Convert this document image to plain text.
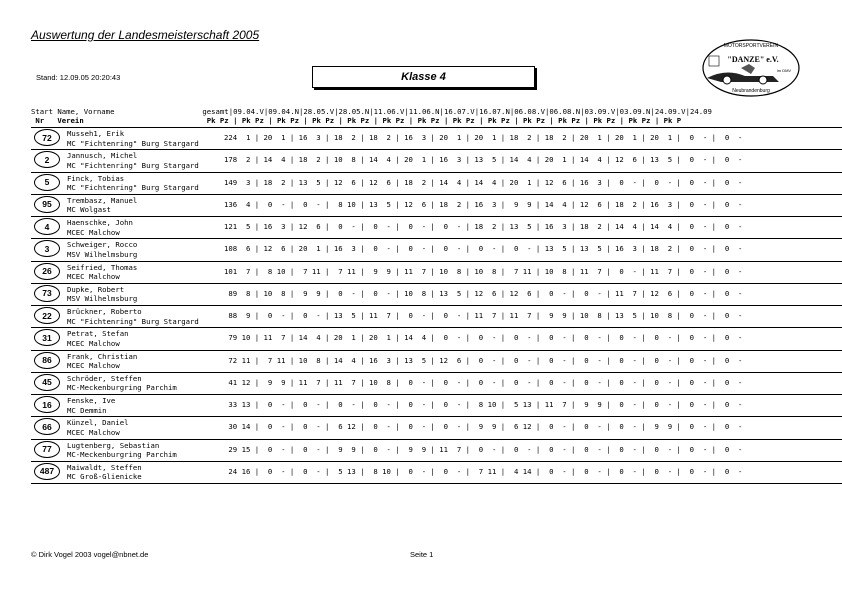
Auswertung der Landesmeisterschaft 2005
Stand: 12.09.05 20:20:43	Klasse 4
MOTORSPORTVEREIN
"DANZE" e.V.
im DMV
Neubrandenburg
Start Name, Vorname                    gesamt|09.04.V|09.04.N|28.05.V|28.05.N|11.06.V|11.06.N|16.07.V|16.07.N|06.08.V|06.08.N|03.09.V|03.09.N|24.09.V|24.09
Nr   Verein                            Pk Pz | Pk Pz | Pk Pz | Pk Pz | Pk Pz | Pk Pz | Pk Pz | Pk Pz | Pk Pz | Pk Pz | Pk Pz | Pk Pz | Pk Pz | Pk P
72	Musseh1, Erik
MC "Fichtenring" Burg Stargard
224  1 | 20  1 | 16  3 | 18  2 | 18  2 | 16  3 | 20  1 | 20  1 | 18  2 | 18  2 | 20  1 | 20  1 | 20  1 |  0  - |  0  -
2	Jannusch, Michel
MC "Fichtenring" Burg Stargard
178  2 | 14  4 | 18  2 | 10  8 | 14  4 | 20  1 | 16  3 | 13  5 | 14  4 | 20  1 | 14  4 | 12  6 | 13  5 |  0  - |  0  -
5	Finck, Tobias
MC "Fichtenring" Burg Stargard
149  3 | 18  2 | 13  5 | 12  6 | 12  6 | 18  2 | 14  4 | 14  4 | 20  1 | 12  6 | 16  3 |  0  - |  0  - |  0  - |  0  -
95	Trembasz, Manuel
MC Wolgast
136  4 |  0  - |  0  - |  8 10 | 13  5 | 12  6 | 18  2 | 16  3 |  9  9 | 14  4 | 12  6 | 18  2 | 16  3 |  0  - |  0  -
4	Haenschke, John
MCEC Malchow
121  5 | 16  3 | 12  6 |  0  - |  0  - |  0  - |  0  - | 18  2 | 13  5 | 16  3 | 18  2 | 14  4 | 14  4 |  0  - |  0  -
3	Schweiger, Rocco
MSV Wilhelmsburg
108  6 | 12  6 | 20  1 | 16  3 |  0  - |  0  - |  0  - |  0  - |  0  - | 13  5 | 13  5 | 16  3 | 18  2 |  0  - |  0  -
26	Seifried, Thomas
MCEC Malchow
101  7 |  8 10 |  7 11 |  7 11 |  9  9 | 11  7 | 10  8 | 10  8 |  7 11 | 10  8 | 11  7 |  0  - | 11  7 |  0  - |  0  -
73	Dupke, Robert
MSV Wilhelmsburg
89  8 | 10  8 |  9  9 |  0  - |  0  - | 10  8 | 13  5 | 12  6 | 12  6 |  0  - |  0  - | 11  7 | 12  6 |  0  - |  0  -
22	Brückner, Roberto
MC "Fichtenring" Burg Stargard
88  9 |  0  - |  0  - | 13  5 | 11  7 |  0  - |  0  - | 11  7 | 11  7 |  9  9 | 10  8 | 13  5 | 10  8 |  0  - |  0  -
31	Petrat, Stefan
MCEC Malchow
79 10 | 11  7 | 14  4 | 20  1 | 20  1 | 14  4 |  0  - |  0  - |  0  - |  0  - |  0  - |  0  - |  0  - |  0  - |  0  -
86	Frank, Christian
MCEC Malchow
72 11 |  7 11 | 10  8 | 14  4 | 16  3 | 13  5 | 12  6 |  0  - |  0  - |  0  - |  0  - |  0  - |  0  - |  0  - |  0  -
45	Schröder, Steffen
MC-Meckenburgring Parchim
41 12 |  9  9 | 11  7 | 11  7 | 10  8 |  0  - |  0  - |  0  - |  0  - |  0  - |  0  - |  0  - |  0  - |  0  - |  0  -
16	Fenske, Ive
MC Demmin
33 13 |  0  - |  0  - |  0  - |  0  - |  0  - |  0  - |  8 10 |  5 13 | 11  7 |  9  9 |  0  - |  0  - |  0  - |  0  -
66	Künzel, Daniel
MCEC Malchow
30 14 |  0  - |  0  - |  6 12 |  0  - |  0  - |  0  - |  9  9 |  6 12 |  0  - |  0  - |  0  - |  9  9 |  0  - |  0  -
77	Lugtenberg, Sebastian
MC-Meckenburgring Parchim
29 15 |  0  - |  0  - |  9  9 |  0  - |  9  9 | 11  7 |  0  - |  0  - |  0  - |  0  - |  0  - |  0  - |  0  - |  0  -
487	Maiwaldt, Steffen
MC Groß-Glienicke
24 16 |  0  - |  0  - |  5 13 |  8 10 |  0  - |  0  - |  7 11 |  4 14 |  0  - |  0  - |  0  - |  0  - |  0  - |  0  -
© Dirk Vogel 2003 vogel@nbnet.de	Seite 1
